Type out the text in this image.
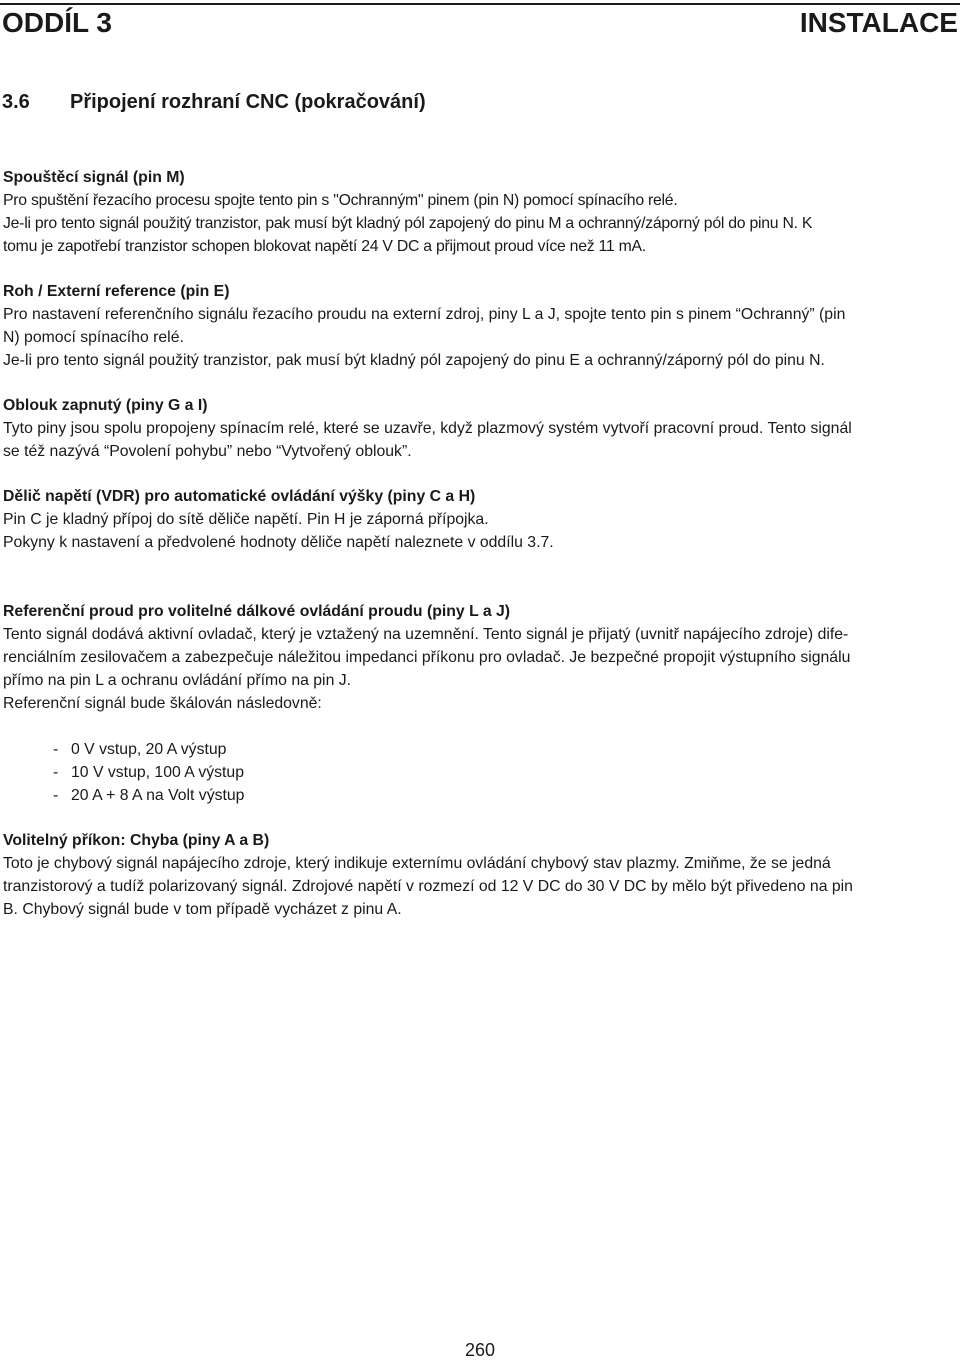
ODDÍL 3	INSTALACE
3.6 Připojení rozhraní CNC (pokračování)
Spouštěcí signál (pin M)
Pro spuštění řezacího procesu spojte tento pin s "Ochranným" pinem (pin N) pomocí spínacího relé.
Je-li pro tento signál použitý tranzistor, pak musí být kladný pól zapojený do pinu M a ochranný/záporný pól do pinu N. K
tomu je zapotřebí tranzistor schopen blokovat napětí 24 V DC a přijmout proud více než 11 mA.
Roh / Externí reference (pin E)
Pro nastavení referenčního signálu řezacího proudu na externí zdroj, piny L a J, spojte tento pin s pinem “Ochranný” (pin
N) pomocí spínacího relé.
Je-li pro tento signál použitý tranzistor, pak musí být kladný pól zapojený do pinu E a ochranný/záporný pól do pinu N.
Oblouk zapnutý (piny G a I)
Tyto piny jsou spolu propojeny spínacím relé, které se uzavře, když plazmový systém vytvoří pracovní proud. Tento signál
se též nazývá “Povolení pohybu” nebo “Vytvořený oblouk”.
Dělič napětí (VDR) pro automatické ovládání výšky (piny C a H)
Pin C je kladný přípoj do sítě děliče napětí. Pin H je záporná přípojka.
Pokyny k nastavení a předvolené hodnoty děliče napětí naleznete v oddílu 3.7.
Referenční proud pro volitelné dálkové ovládání proudu (piny L a J)
Tento signál dodává aktivní ovladač, který je vztažený na uzemnění. Tento signál je přijatý (uvnitř napájecího zdroje) dife-
renciálním zesilovačem a zabezpečuje náležitou impedanci příkonu pro ovladač. Je bezpečné propojit výstupního signálu
přímo na pin L a ochranu ovládání přímo na pin J.
Referenční signál bude škálován následovně:
- 0 V vstup, 20 A výstup
- 10 V vstup, 100 A výstup
- 20 A + 8 A na Volt výstup
Volitelný příkon: Chyba (piny A a B)
Toto je chybový signál napájecího zdroje, který indikuje externímu ovládání chybový stav plazmy. Zmiňme, že se jedná
tranzistorový a tudíž polarizovaný signál. Zdrojové napětí v rozmezí od 12 V DC do 30 V DC by mělo být přivedeno na pin
B. Chybový signál bude v tom případě vycházet z pinu A.
260
